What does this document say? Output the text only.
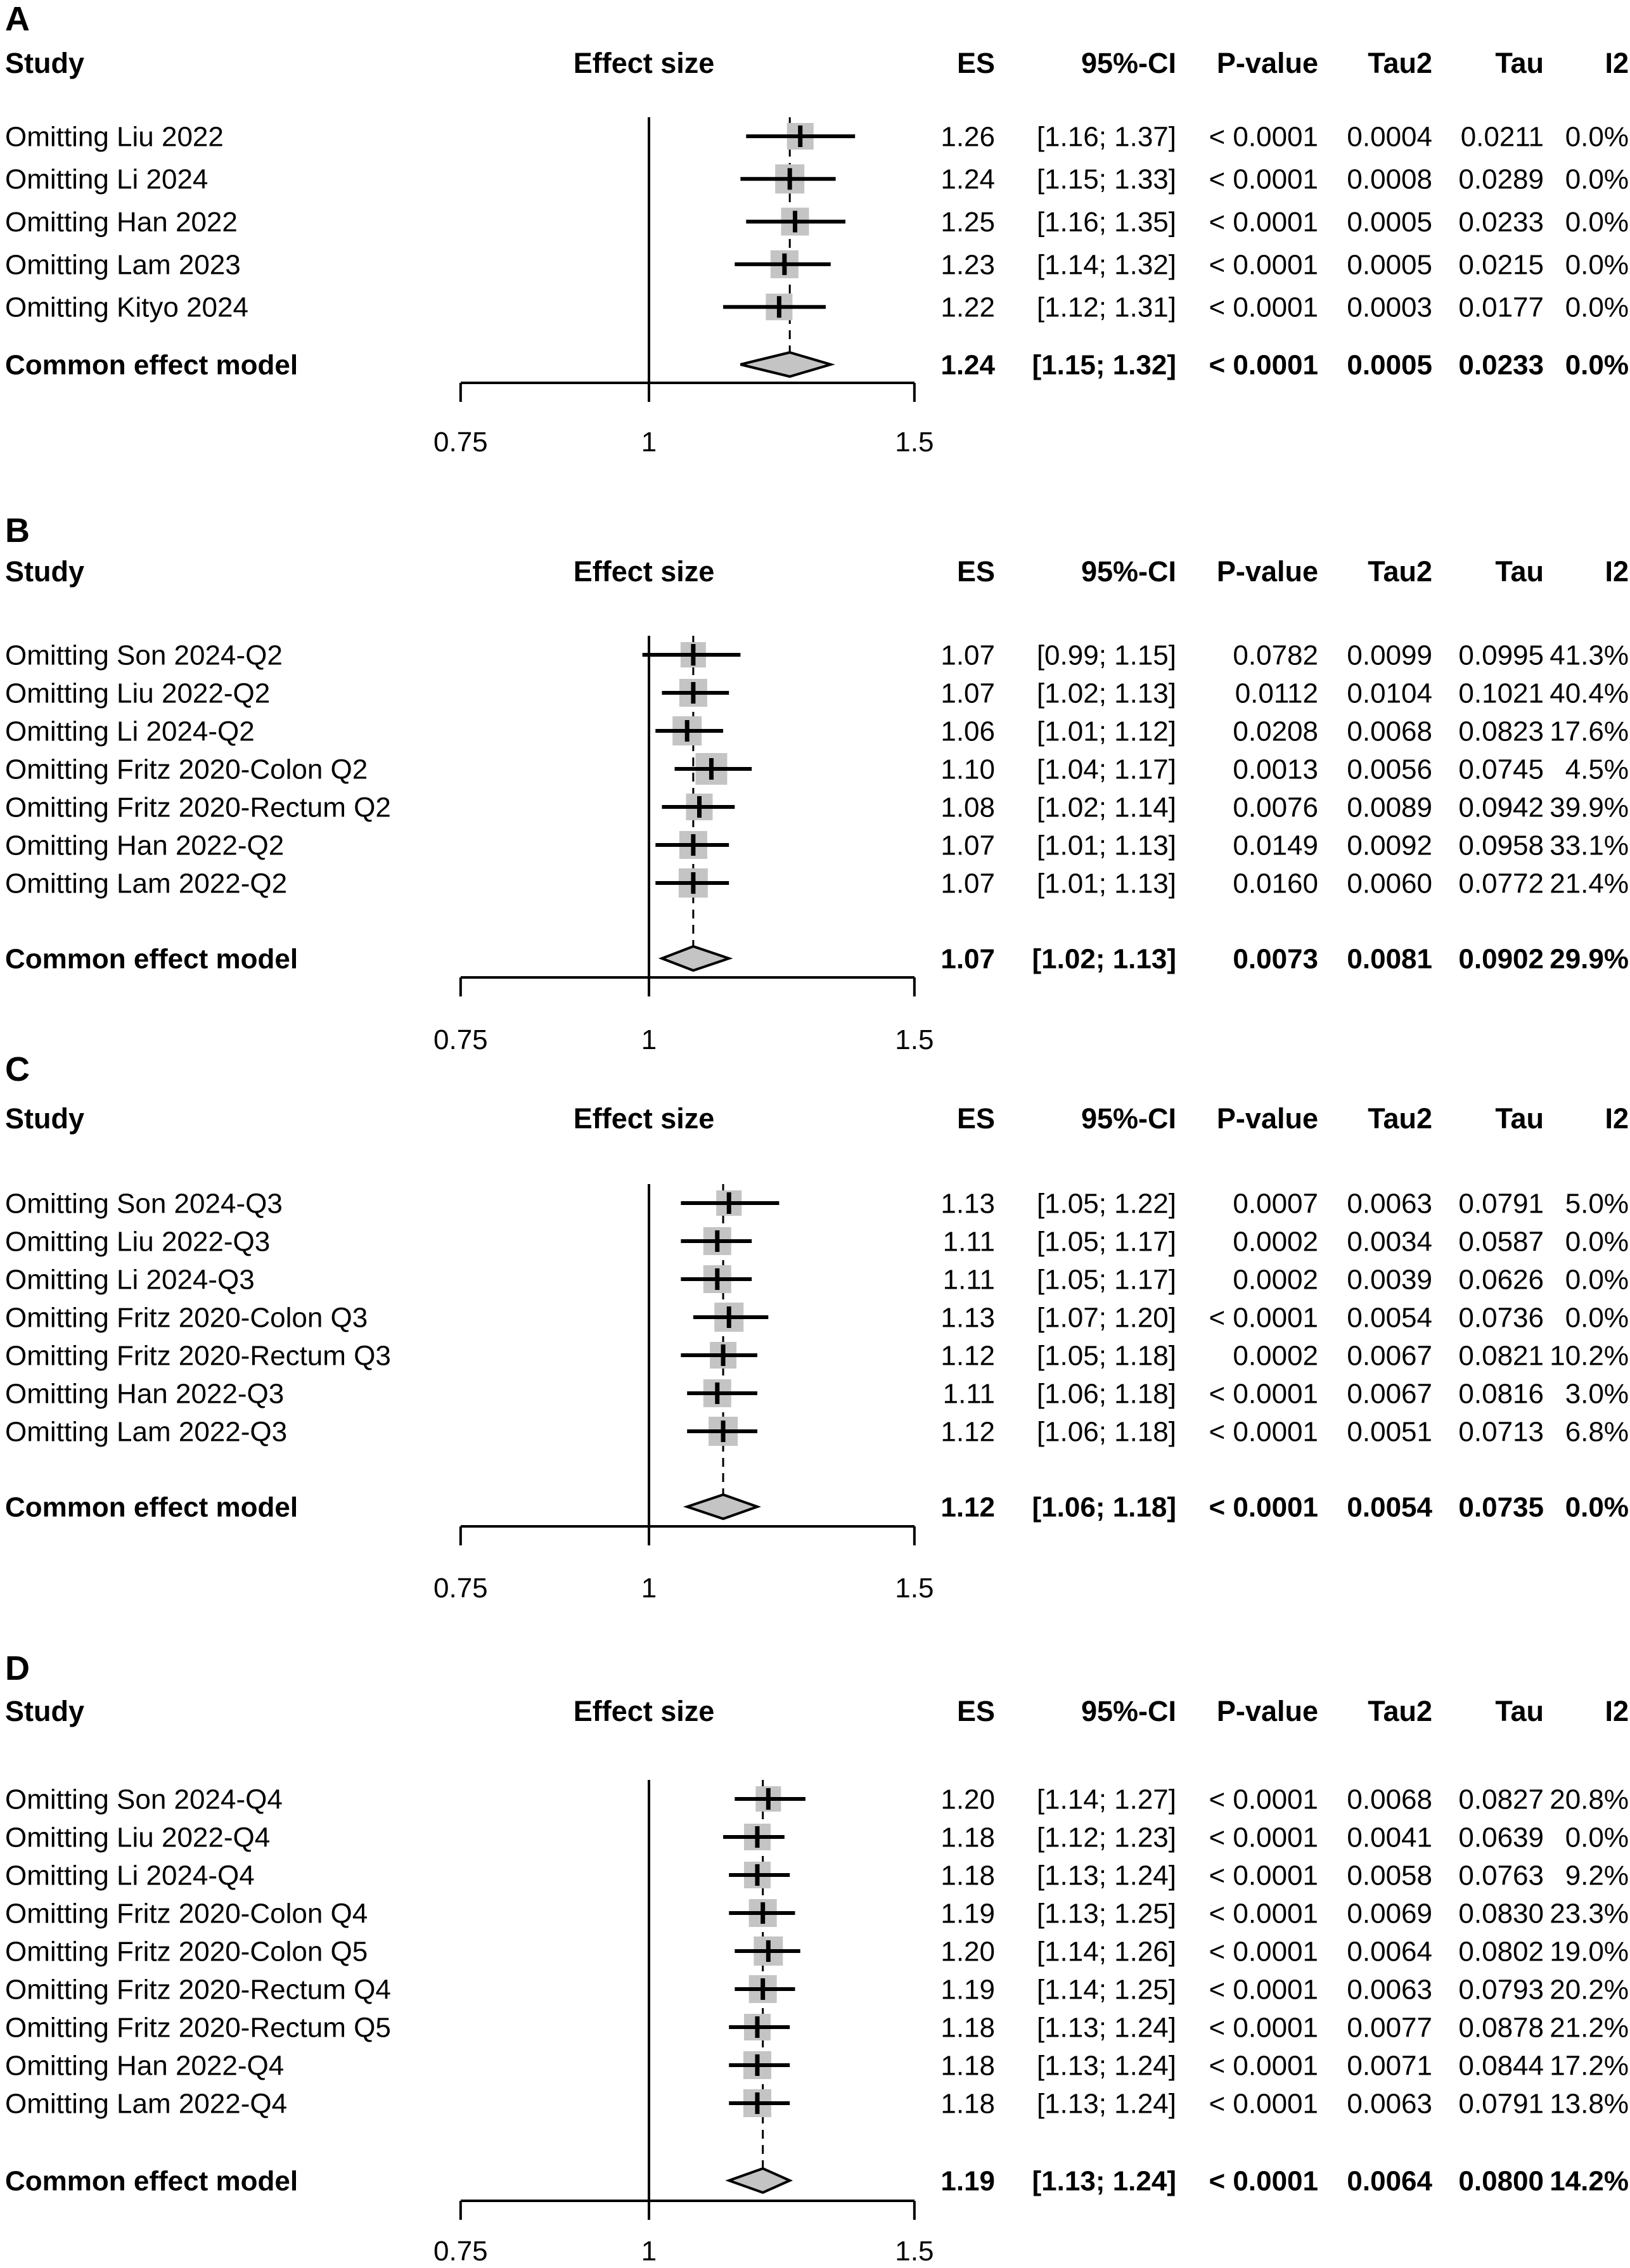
A
Study	Effect size	ES	95%-CI P-value Tau2 Tau I2
Omitting Liu 2022	1.26 [1.16; 1.37] < 0.0001 0.0004 0.0211 0.0%
Omitting Li 2024	1.24 [1.15; 1.33] < 0.0001 0.0008 0.0289 0.0%
Omitting Han 2022	1.25 [1.16; 1.35] < 0.0001 0.0005 0.0233 0.0%
Omitting Lam 2023	1.23 [1.14; 1.32] < 0.0001 0.0005 0.0215 0.0%
Omitting Kityo 2024	1.22 [1.12; 1.31] < 0.0001 0.0003 0.0177 0.0%
Common effect model	1.24 [1.15; 1.32] < 0.0001 0.0005 0.0233 0.0%
0.75	1	1.5
B
Study	Effect size	ES	95%-CI P-value Tau2 Tau I2
Omitting Son 2024-Q2	1.07 [0.99; 1.15] 0.0782 0.0099 0.0995 41.3%
Omitting Liu 2022-Q2	1.07 [1.02; 1.13] 0.0112 0.0104 0.1021 40.4%
Omitting Li 2024-Q2	1.06 [1.01; 1.12] 0.0208 0.0068 0.0823 17.6%
Omitting Fritz 2020-Colon Q2	1.10 [1.04; 1.17] 0.0013 0.0056 0.0745 4.5%
Omitting Fritz 2020-Rectum Q2	1.08 [1.02; 1.14] 0.0076 0.0089 0.0942 39.9%
Omitting Han 2022-Q2	1.07 [1.01; 1.13] 0.0149 0.0092 0.0958 33.1%
Omitting Lam 2022-Q2	1.07 [1.01; 1.13] 0.0160 0.0060 0.0772 21.4%
Common effect model	1.07 [1.02; 1.13] 0.0073 0.0081 0.0902 29.9%
0.75	1	1.5
C
Study	Effect size	ES	95%-CI P-value Tau2 Tau I2
Omitting Son 2024-Q3	1.13 [1.05; 1.22] 0.0007 0.0063 0.0791 5.0%
Omitting Liu 2022-Q3	1.11 [1.05; 1.17] 0.0002 0.0034 0.0587 0.0%
Omitting Li 2024-Q3	1.11 [1.05; 1.17] 0.0002 0.0039 0.0626 0.0%
Omitting Fritz 2020-Colon Q3	1.13 [1.07; 1.20] < 0.0001 0.0054 0.0736 0.0%
Omitting Fritz 2020-Rectum Q3	1.12 [1.05; 1.18] 0.0002 0.0067 0.0821 10.2%
Omitting Han 2022-Q3	1.11 [1.06; 1.18] < 0.0001 0.0067 0.0816 3.0%
Omitting Lam 2022-Q3	1.12 [1.06; 1.18] < 0.0001 0.0051 0.0713 6.8%
Common effect model	1.12 [1.06; 1.18] < 0.0001 0.0054 0.0735 0.0%
0.75	1	1.5
D
Study	Effect size	ES	95%-CI P-value Tau2 Tau I2
Omitting Son 2024-Q4	1.20 [1.14; 1.27] < 0.0001 0.0068 0.0827 20.8%
Omitting Liu 2022-Q4	1.18 [1.12; 1.23] < 0.0001 0.0041 0.0639 0.0%
Omitting Li 2024-Q4	1.18 [1.13; 1.24] < 0.0001 0.0058 0.0763 9.2%
Omitting Fritz 2020-Colon Q4	1.19 [1.13; 1.25] < 0.0001 0.0069 0.0830 23.3%
Omitting Fritz 2020-Colon Q5	1.20 [1.14; 1.26] < 0.0001 0.0064 0.0802 19.0%
Omitting Fritz 2020-Rectum Q4	1.19 [1.14; 1.25] < 0.0001 0.0063 0.0793 20.2%
Omitting Fritz 2020-Rectum Q5	1.18 [1.13; 1.24] < 0.0001 0.0077 0.0878 21.2%
Omitting Han 2022-Q4	1.18 [1.13; 1.24] < 0.0001 0.0071 0.0844 17.2%
Omitting Lam 2022-Q4	1.18 [1.13; 1.24] < 0.0001 0.0063 0.0791 13.8%
Common effect model	1.19 [1.13; 1.24] < 0.0001 0.0064 0.0800 14.2%
0.75	1	1.5
